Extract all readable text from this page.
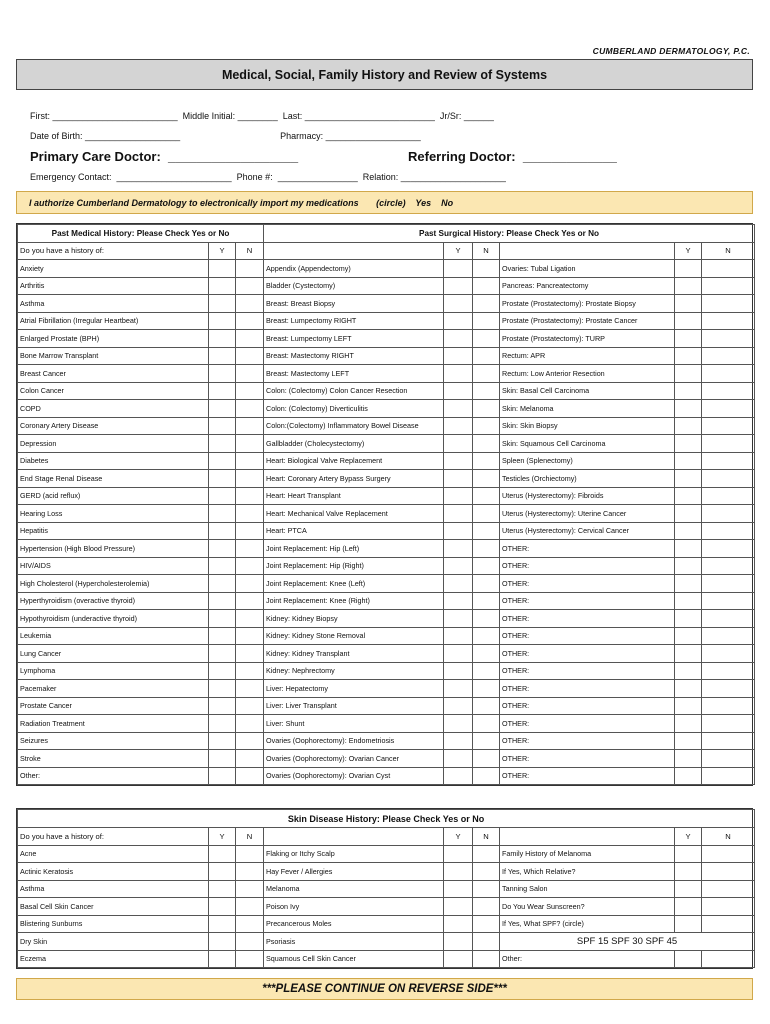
CUMBERLAND DERMATOLOGY, P.C.
Medical, Social, Family History and Review of Systems
First: _________________________  Middle Initial: ________  Last: __________________________  Jr/Sr: ______
Date of Birth: ___________________                                        Pharmacy: ___________________
Primary Care Doctor:  __________________	Referring Doctor:  _____________
Emergency Contact:  _______________________  Phone #:  ________________  Relation: _____________________
I authorize Cumberland Dermatology to electronically import my medications       (circle)    Yes    No
Past Medical History: Please Check Yes or No			Past Surgical History: Please Check Yes or No					
Do you have a history of:	Y	N		Y	N		Y	N
Anxiety			Appendix (Appendectomy)			Ovaries: Tubal Ligation		
Arthritis			Bladder (Cystectomy)			Pancreas: Pancreatectomy		
Asthma			Breast: Breast Biopsy			Prostate (Prostatectomy): Prostate Biopsy		
Atrial Fibrillation (Irregular Heartbeat)			Breast: Lumpectomy RIGHT			Prostate (Prostatectomy): Prostate Cancer		
Enlarged Prostate (BPH)			Breast: Lumpectomy LEFT			Prostate (Prostatectomy): TURP		
Bone Marrow Transplant			Breast: Mastectomy RIGHT			Rectum: APR		
Breast Cancer			Breast: Mastectomy LEFT			Rectum: Low Anterior Resection		
Colon Cancer			Colon: (Colectomy) Colon Cancer Resection			Skin: Basal Cell Carcinoma		
COPD			Colon: (Colectomy) Diverticulitis			Skin: Melanoma		
Coronary Artery Disease			Colon:(Colectomy) Inflammatory Bowel Disease			Skin: Skin Biopsy		
Depression			Gallbladder (Cholecystectomy)			Skin: Squamous Cell Carcinoma		
Diabetes			Heart: Biological Valve Replacement			Spleen (Splenectomy)		
End Stage Renal Disease			Heart: Coronary Artery Bypass Surgery			Testicles (Orchiectomy)		
GERD (acid reflux)			Heart: Heart Transplant			Uterus (Hysterectomy): Fibroids		
Hearing Loss			Heart: Mechanical Valve Replacement			Uterus (Hysterectomy): Uterine Cancer		
Hepatitis			Heart: PTCA			Uterus (Hysterectomy): Cervical Cancer		
Hypertension (High Blood Pressure)			Joint Replacement: Hip (Left)			OTHER:		
HIV/AIDS			Joint Replacement: Hip (Right)			OTHER:		
High Cholesterol (Hypercholesterolemia)			Joint Replacement: Knee (Left)			OTHER:		
Hyperthyroidism (overactive thyroid)			Joint Replacement: Knee (Right)			OTHER:		
Hypothyroidism (underactive thyroid)			Kidney: Kidney Biopsy			OTHER:		
Leukemia			Kidney: Kidney Stone Removal			OTHER:		
Lung Cancer			Kidney: Kidney Transplant			OTHER:		
Lymphoma			Kidney: Nephrectomy			OTHER:		
Pacemaker			Liver: Hepatectomy			OTHER:		
Prostate Cancer			Liver: Liver Transplant			OTHER:		
Radiation Treatment			Liver: Shunt			OTHER:		
Seizures			Ovaries (Oophorectomy): Endometriosis			OTHER:		
Stroke			Ovaries (Oophorectomy): Ovarian Cancer			OTHER:		
Other:			Ovaries (Oophorectomy): Ovarian Cyst			OTHER:		
Skin Disease History: Please Check Yes or No								
Do you have a history of:	Y	N		Y	N		Y	N
Acne			Flaking or Itchy Scalp			Family History of Melanoma		
Actinic Keratosis			Hay Fever / Allergies			If Yes, Which Relative?		
Asthma			Melanoma			Tanning Salon		
Basal Cell Skin Cancer			Poison Ivy			Do You Wear Sunscreen?		
Blistering Sunburns			Precancerous Moles			If Yes, What SPF? (circle)		
Dry Skin			Psoriasis			SPF 15 SPF 30 SPF 45		
Eczema			Squamous Cell Skin Cancer			Other:		
***PLEASE CONTINUE ON REVERSE SIDE***
